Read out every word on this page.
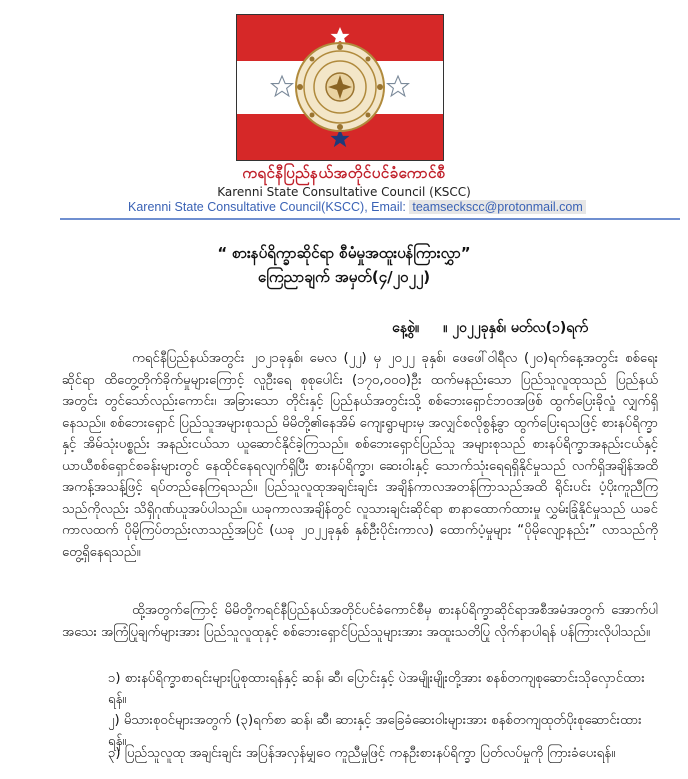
ကရင်နီပြည်နယ်အတိုင်ပင်ခံကောင်စီ
Karenni State Consultative Council (KSCC)
Karenni State Consultative Council(KSCC), Email: teamseckscc@protonmail.com
“ စားနပ်ရိက္ခာဆိုင်ရာ စီမံမှုအထူးပန်ကြားလွှာ”
ကြေညာချက် အမှတ်(၄/၂၀၂၂)
နေ့စွဲ။ ။ ၂၀၂၂ခုနှစ်၊ မတ်လ(၁)ရက်

ကရင်နီပြည်နယ်အတွင်း ၂၀၂၁ခုနှစ်၊ မေလ (၂၂) မှ ၂၀၂၂ ခုနှစ်၊ ဖေဖေါ်ဝါရီလ (၂၀)ရက်နေ့အတွင်း စစ်ရေးဆိုင်ရာ ထိတွေ့တိုက်ခိုက်မှုများကြောင့် လူဦးရေ စုစုပေါင်း (၁၇၀,၀၀၀)ဦး ထက်မနည်းသော ပြည်သူလူထုသည် ပြည်နယ်အတွင်း တွင်သော်လည်းကောင်း၊ အခြားသော တိုင်းနှင့် ပြည်နယ်အတွင်းသို့ စစ်ဘေးရှောင်ဘဝအဖြစ် ထွက်ပြေးခိုလှုံ လျှက်ရှိနေသည်။ စစ်ဘေးရှောင် ပြည်သူအများစုသည် မိမိတို့၏နေအိမ် ကျေးရွာများမှ အလျှင်စလိုစွန့်ခွာ ထွက်ပြေးရသဖြင့် စားနပ်ရိက္ခာနှင့် အိမ်သုံးပစ္စည်း အနည်းငယ်သာ ယူဆောင်နိုင်ခဲ့ကြသည်။ စစ်ဘေးရှောင်ပြည်သူ အများစုသည် စားနပ်ရိက္ခာအနည်းငယ်နှင့် ယာယီစစ်ရှောင်စခန်းများတွင် နေထိုင်နေရလျက်ရှိပြီး စားနပ်ရိက္ခာ၊ ဆေးဝါးနှင့် သောက်သုံးရေရရှိနိုင်မှုသည် လက်ရှိအချိန်အထိအကန့်အသန့်ဖြင့် ရပ်တည်နေကြရသည်။ ပြည်သူလူထုအချင်းချင်း အချိန်ကာလအတန်ကြာသည်အထိ ရိုင်းပင်း ပံ့ပိုးကူညီကြသည်ကိုလည်း သိရှိဂုဏ်ယူအပ်ပါသည်။ ယခုကာလအချိန်တွင် လူသားချင်းဆိုင်ရာ စာနာထောက်ထားမှု လွှမ်းခြုံနိုင်မှုသည် ယခင်ကာလထက် ပိုမိုကြပ်တည်းလာသည့်အပြင် (ယခု ၂၀၂၂ခုနှစ် နှစ်ဦးပိုင်းကာလ) ထောက်ပံ့မှုများ “ပိုမိုလျော့နည်း” လာသည်ကို တွေ့ရှိနေရသည်။

ထို့အတွက်ကြောင့် မိမိတို့ကရင်နီပြည်နယ်အတိုင်ပင်ခံကောင်စီမှ စားနပ်ရိက္ခာဆိုင်ရာအစီအမံအတွက် အောက်ပါ အသေး အကြံပြုချက်များအား ပြည်သူလူထုနှင့် စစ်ဘေးရှောင်ပြည်သူများအား အထူးသတိပြု လိုက်နာပါရန် ပန်ကြားလိုပါသည်။

၁) စားနပ်ရိက္ခာစာရင်းများပြုစုထားရန်နှင့် ဆန်၊ ဆီ၊ ပြောင်းနှင့် ပဲအမျိုးမျိုးတို့အား စနစ်တကျစုဆောင်းသိုလှောင်ထားရန်။

၂) မိသားစုဝင်များအတွက် (၃)ရက်စာ ဆန်၊ ဆီ၊ ဆားနှင့် အခြေခံဆေးဝါးများအား စနစ်တကျထုတ်ပိုးစုဆောင်းထားရန်။

၃) ပြည်သူလူထု အချင်းချင်း အပြန်အလှန်မျှဝေ ကူညီမှုဖြင့် ကနဦးစားနပ်ရိက္ခာ ပြတ်လပ်မှုကို ကြားခံပေးရန်။
